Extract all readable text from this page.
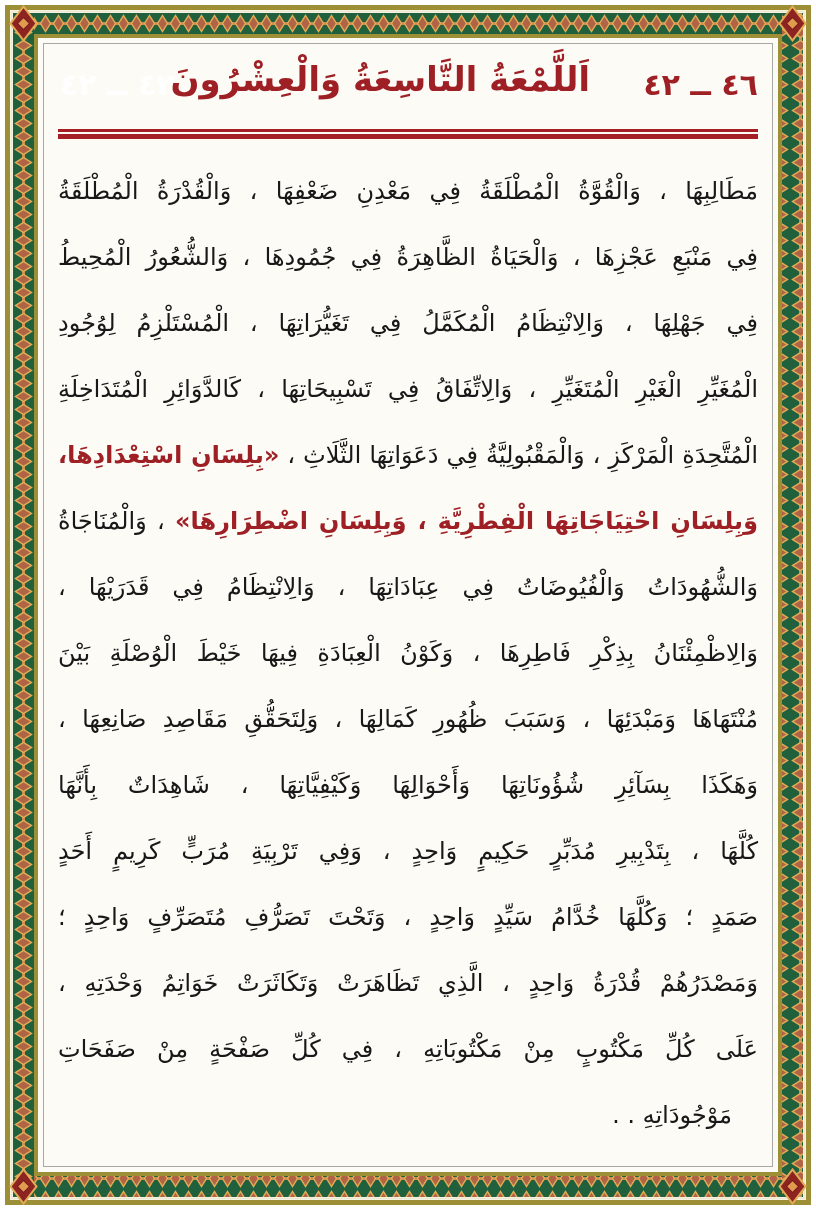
٤٢ ــ ٤٢
اَللَّمْعَةُ التَّاسِعَةُ وَالْعِشْرُونَ ٤٦ ــ ٤٢
مَطَالِبِهَا ، وَالْقُوَّةُ الْمُطْلَقَةُ فِي مَعْدِنِ ضَعْفِهَا ، وَالْقُدْرَةُ الْمُطْلَقَةُ
فِي مَنْبَعِ عَجْزِهَا ، وَالْحَيَاةُ الظَّاهِرَةُ فِي جُمُودِهَا ، وَالشُّعُورُ الْمُحِيطُ
فِي جَهْلِهَا ، وَالِانْتِظَامُ الْمُكَمَّلُ فِي تَغَيُّرَاتِهَا ، الْمُسْتَلْزِمُ لِوُجُودِ
الْمُغَيِّرِ الْغَيْرِ الْمُتَغَيِّرِ ، وَالِاتِّفَاقُ فِي تَسْبِيحَاتِهَا ، كَالدَّوَائِرِ الْمُتَدَاخِلَةِ
الْمُتَّحِدَةِ الْمَرْكَزِ ، وَالْمَقْبُولِيَّةُ فِي دَعَوَاتِهَا الثَّلَاثِ ، «بِلِسَانِ اسْتِعْدَادِهَا،
وَبِلِسَانِ احْتِيَاجَاتِهَا الْفِطْرِيَّةِ ، وَبِلِسَانِ اضْطِرَارِهَا» ، وَالْمُنَاجَاةُ
وَالشُّهُودَاتُ وَالْفُيُوضَاتُ فِي عِبَادَاتِهَا ، وَالِانْتِظَامُ فِي قَدَرَيْهَا ،
وَالِاظْمِئْنَانُ بِذِكْرِ فَاطِرِهَا ، وَكَوْنُ الْعِبَادَةِ فِيهَا خَيْطَ الْوُصْلَةِ بَيْنَ
مُنْتَهَاهَا وَمَبْدَئِهَا ، وَسَبَبَ ظُهُورِ كَمَالِهَا ، وَلِتَحَقُّقِ مَقَاصِدِ صَانِعِهَا ،
وَهَكَذَا بِسَآئِرِ شُؤُونَاتِهَا وَأَحْوَالِهَا وَكَيْفِيَّاتِهَا ، شَاهِدَاتٌ بِأَنَّهَا
كُلَّهَا ، بِتَدْبِيرِ مُدَبِّرٍ حَكِيمٍ وَاحِدٍ ، وَفِي تَرْبِيَةِ مُرَبٍّ كَرِيمٍ أَحَدٍ
صَمَدٍ ؛ وَكُلَّهَا خُدَّامُ سَيِّدٍ وَاحِدٍ ، وَتَحْتَ تَصَرُّفِ مُتَصَرِّفٍ وَاحِدٍ ؛
وَمَصْدَرُهُمْ قُدْرَةُ وَاحِدٍ ، الَّذِي تَظَاهَرَتْ وَتَكَاثَرَتْ خَوَاتِمُ وَحْدَتِهِ ،
عَلَى كُلِّ مَكْتُوبٍ مِنْ مَكْتُوبَاتِهِ ، فِي كُلِّ صَفْحَةٍ مِنْ صَفَحَاتِ
مَوْجُودَاتِهِ . .
